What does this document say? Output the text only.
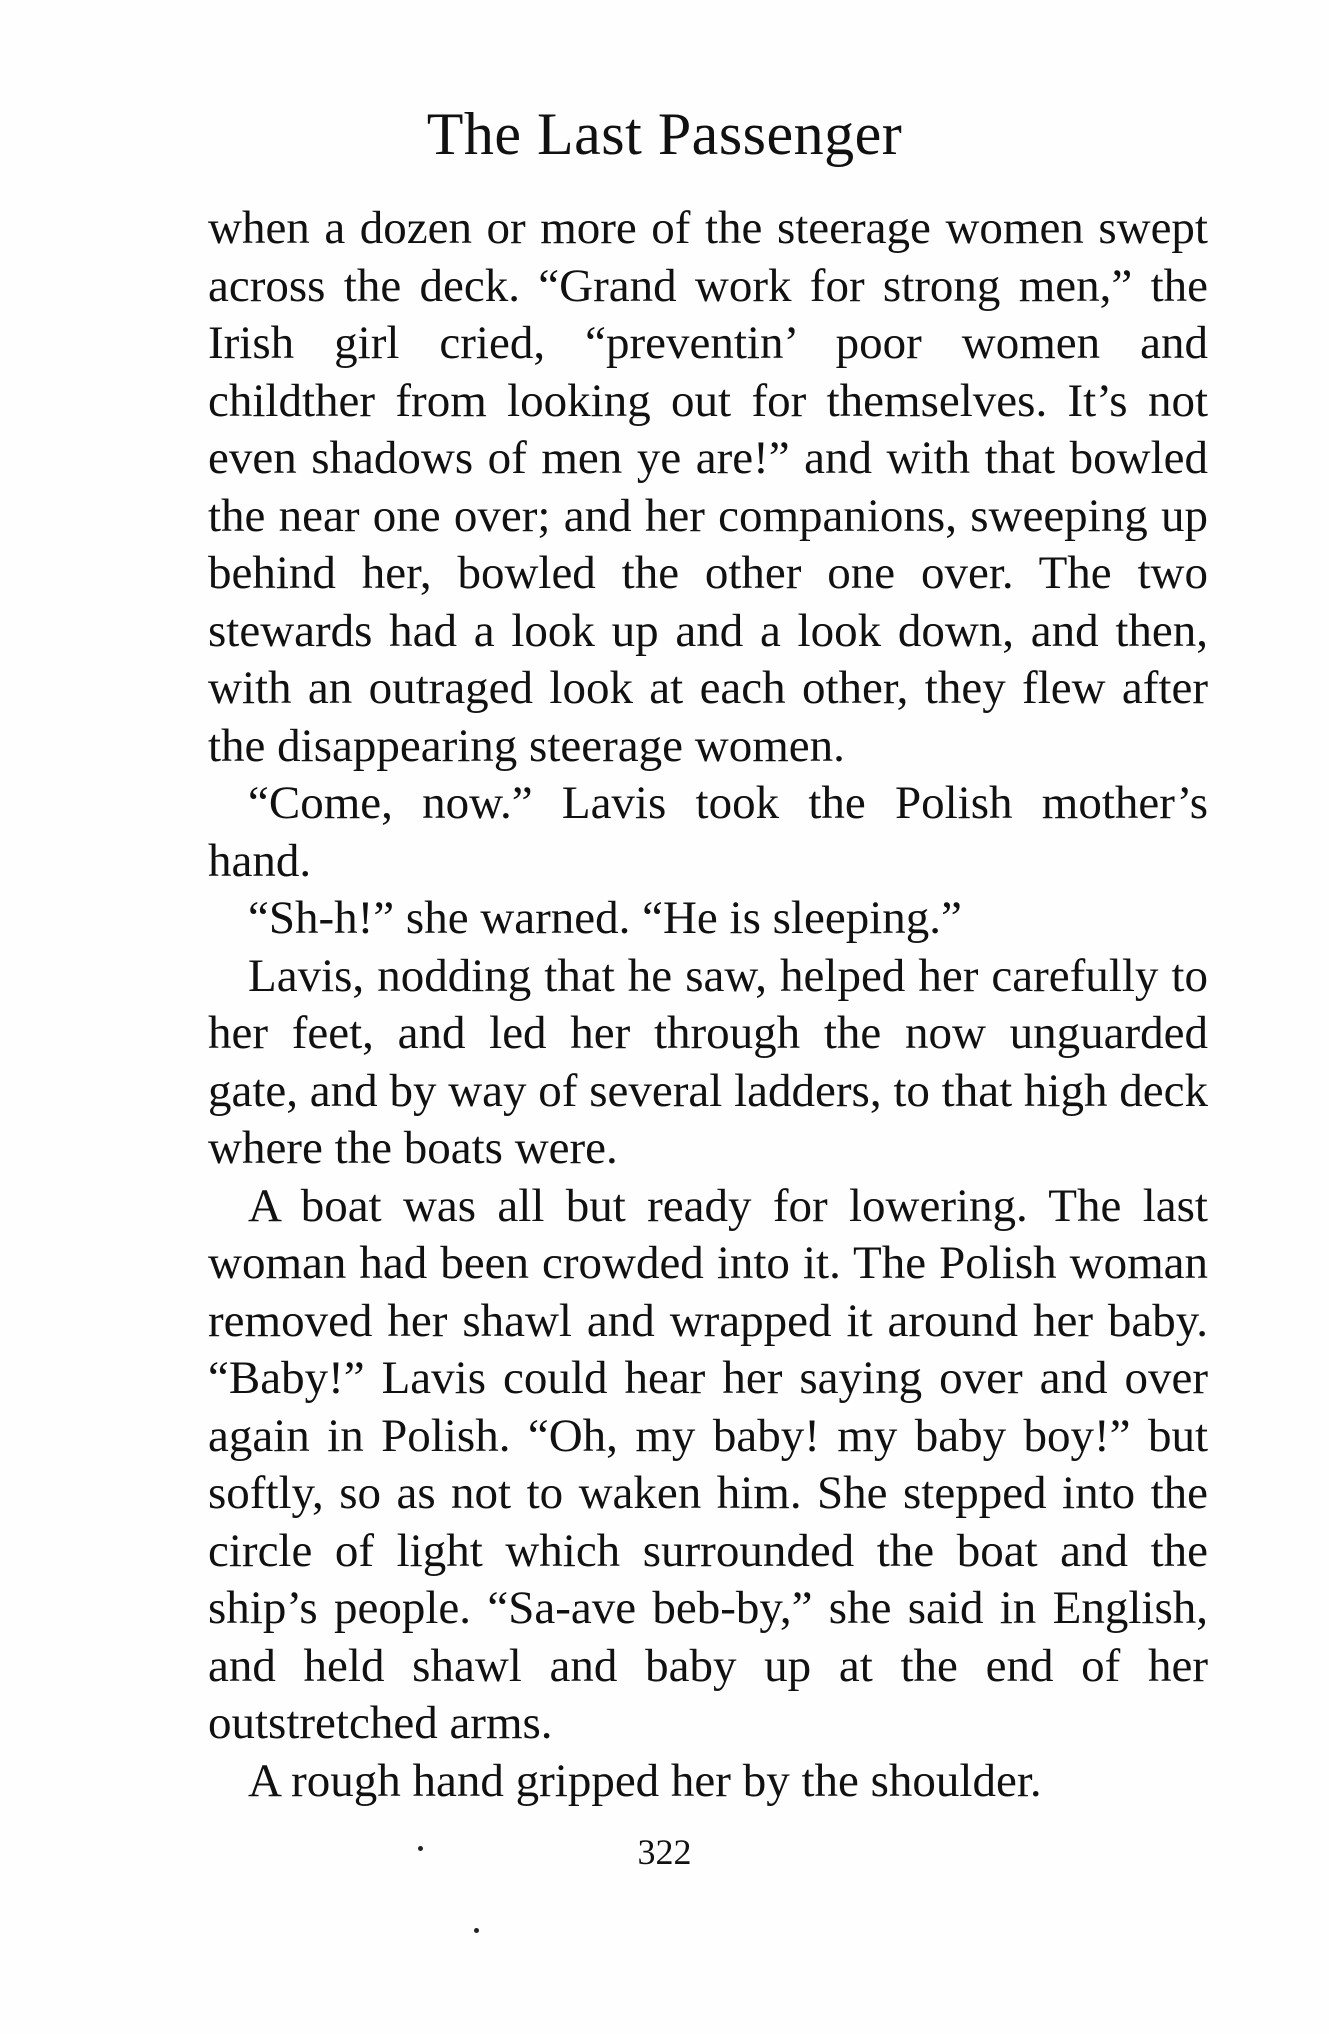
The Last Passenger

when a dozen or more of the steerage women swept across the deck. “Grand work for strong men,” the Irish girl cried, “preventin’ poor women and childther from looking out for themselves. It’s not even shadows of men ye are!” and with that bowled the near one over; and her companions, sweeping up behind her, bowled the other one over. The two stewards had a look up and a look down, and then, with an outraged look at each other, they flew after the disappearing steerage women.

“Come, now.” Lavis took the Polish mother’s hand.

“Sh-h!” she warned. “He is sleeping.”

Lavis, nodding that he saw, helped her carefully to her feet, and led her through the now unguarded gate, and by way of several ladders, to that high deck where the boats were.

A boat was all but ready for lowering. The last woman had been crowded into it. The Polish woman removed her shawl and wrapped it around her baby. “Baby!” Lavis could hear her saying over and over again in Polish. “Oh, my baby! my baby boy!” but softly, so as not to waken him. She stepped into the circle of light which surrounded the boat and the ship’s people. “Sa-ave beb-by,” she said in English, and held shawl and baby up at the end of her outstretched arms.

A rough hand gripped her by the shoulder.

322
